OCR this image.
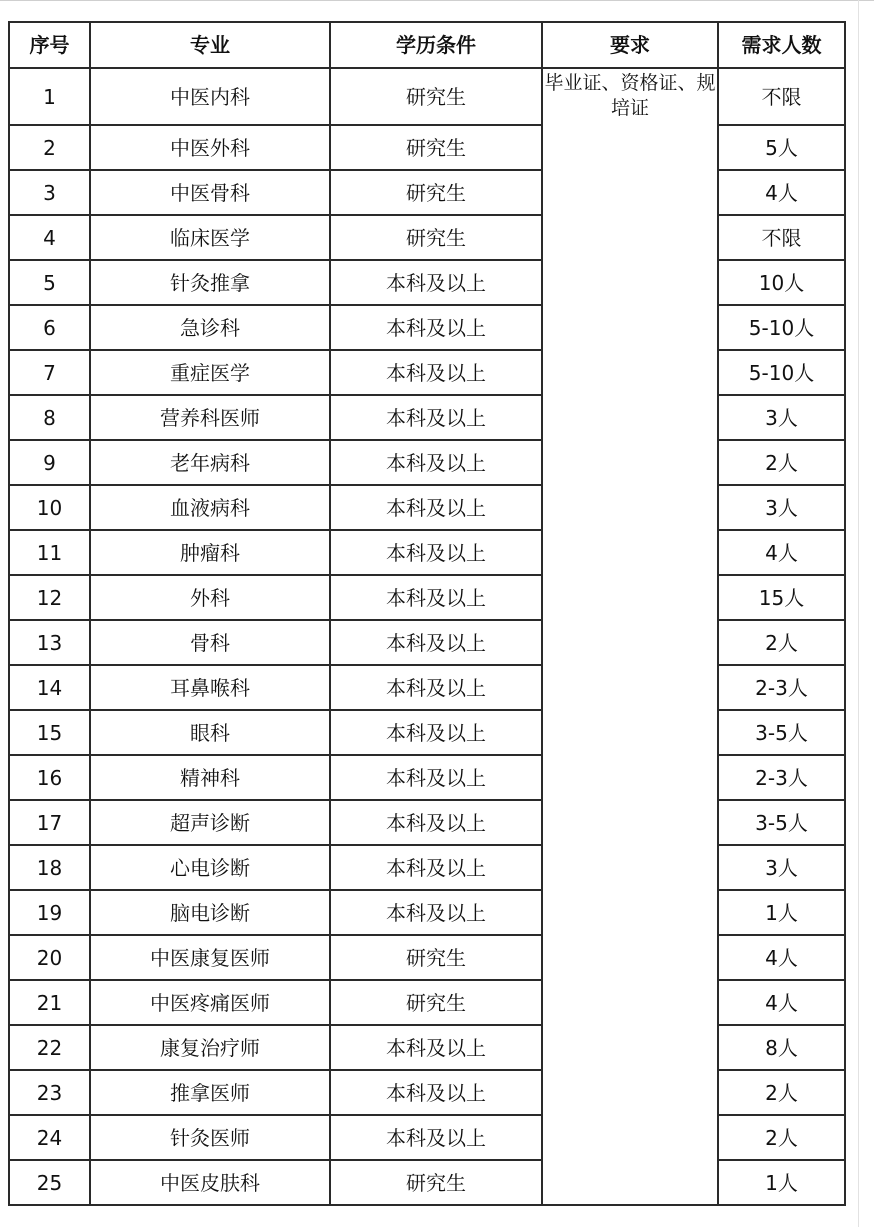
序号	专业	学历条件	要求	需求人数
1	中医内科	研究生	毕业证、资格证、规培证	不限
2	中医外科	研究生		5人
3	中医骨科	研究生		4人
4	临床医学	研究生		不限
5	针灸推拿	本科及以上		10人
6	急诊科	本科及以上		5-10人
7	重症医学	本科及以上		5-10人
8	营养科医师	本科及以上		3人
9	老年病科	本科及以上		2人
10	血液病科	本科及以上		3人
11	肿瘤科	本科及以上		4人
12	外科	本科及以上		15人
13	骨科	本科及以上		2人
14	耳鼻喉科	本科及以上		2-3人
15	眼科	本科及以上		3-5人
16	精神科	本科及以上		2-3人
17	超声诊断	本科及以上		3-5人
18	心电诊断	本科及以上		3人
19	脑电诊断	本科及以上		1人
20	中医康复医师	研究生		4人
21	中医疼痛医师	研究生		4人
22	康复治疗师	本科及以上		8人
23	推拿医师	本科及以上		2人
24	针灸医师	本科及以上		2人
25	中医皮肤科	研究生		1人
